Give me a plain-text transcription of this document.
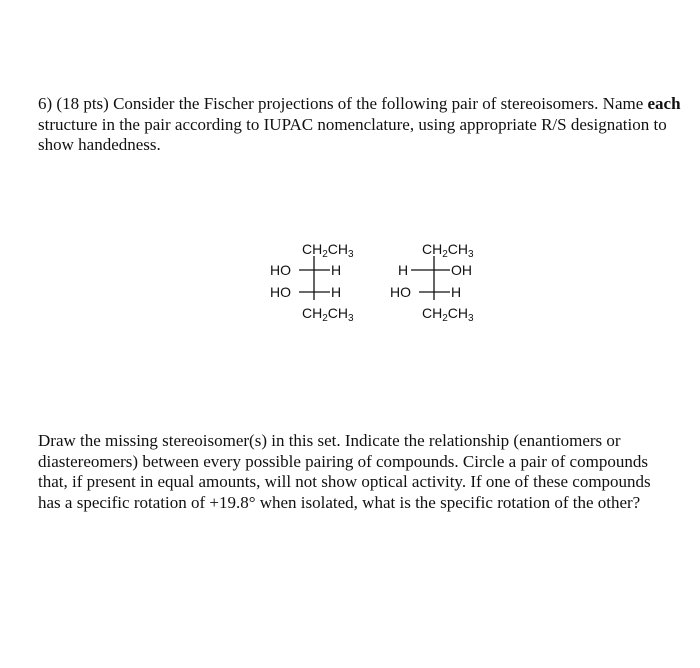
6) (18 pts) Consider the Fischer projections of the following pair of stereoisomers. Name each structure in the pair according to IUPAC nomenclature, using appropriate R/S designation to show handedness.
$CH_2CH_3$
HO	H
HO	H
$CH_2CH_3$
$CH_2CH_3$
H	OH
HO	H
$CH_2CH_3$
Draw the missing stereoisomer(s) in this set. Indicate the relationship (enantiomers or diastereomers) between every possible pairing of compounds. Circle a pair of compounds that, if present in equal amounts, will not show optical activity. If one of these compounds has a specific rotation of +19.8° when isolated, what is the specific rotation of the other?
